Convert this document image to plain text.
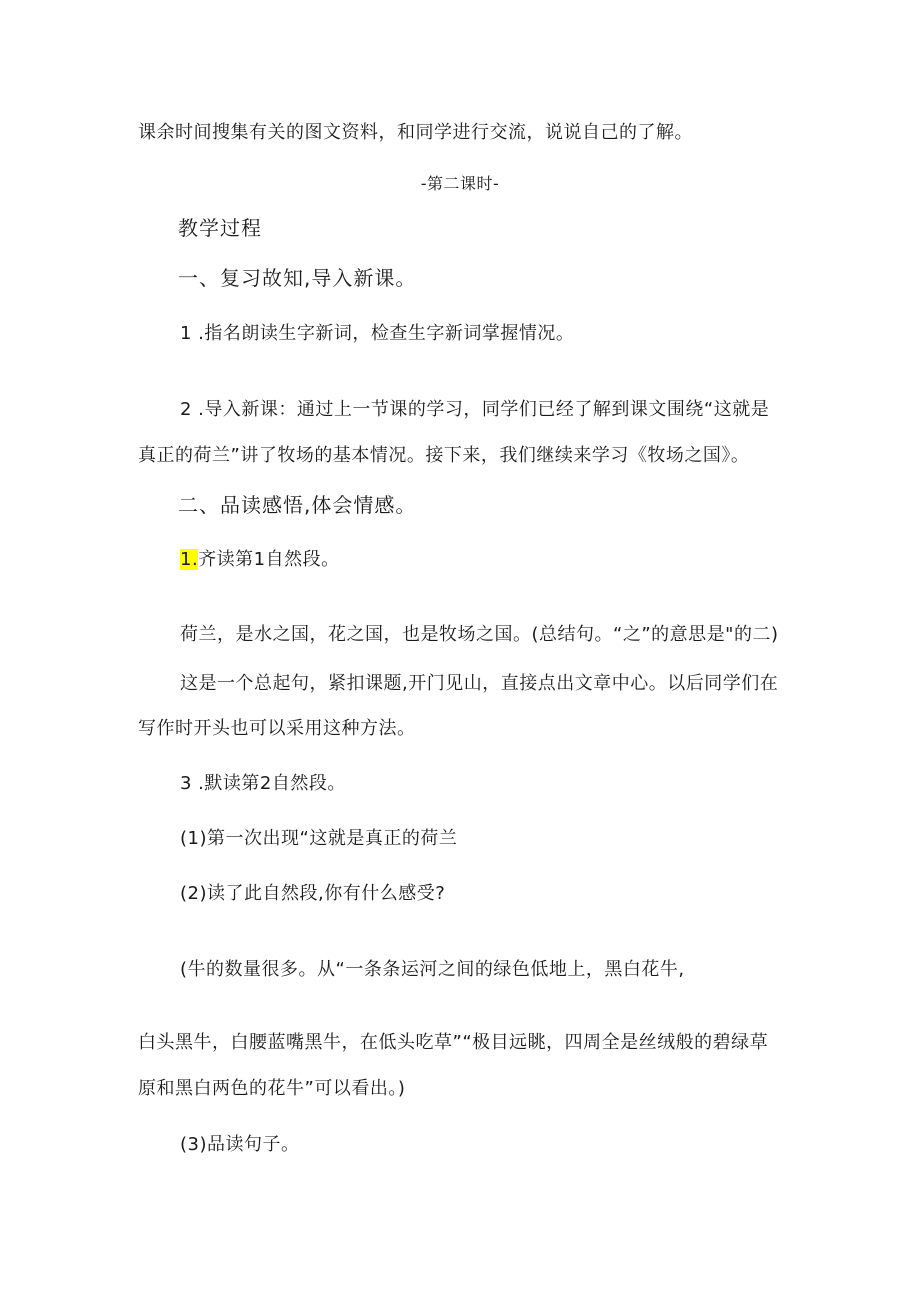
课余时间搜集有关的图文资料，和同学进行交流，说说自己的了解。
-第二课时-
教学过程
一、复习故知,导入新课。
1 .指名朗读生字新词，检查生字新词掌握情况。
2 .导入新课：通过上一节课的学习，同学们已经了解到课文围绕“这就是
真正的荷兰”讲了牧场的基本情况。接下来，我们继续来学习《牧场之国》。
二、品读感悟,体会情感。
1.齐读第1自然段。
荷兰，是水之国，花之国，也是牧场之国。(总结句。“之”的意思是"的二)
这是一个总起句，紧扣课题,开门见山，直接点出文章中心。以后同学们在
写作时开头也可以采用这种方法。
3 .默读第2自然段。
(1)第一次出现“这就是真正的荷兰
(2)读了此自然段,你有什么感受?
(牛的数量很多。从“一条条运河之间的绿色低地上，黑白花牛,
白头黑牛，白腰蓝嘴黑牛，在低头吃草”“极目远眺，四周全是丝绒般的碧绿草
原和黑白两色的花牛”可以看出。)
(3)品读句子。
